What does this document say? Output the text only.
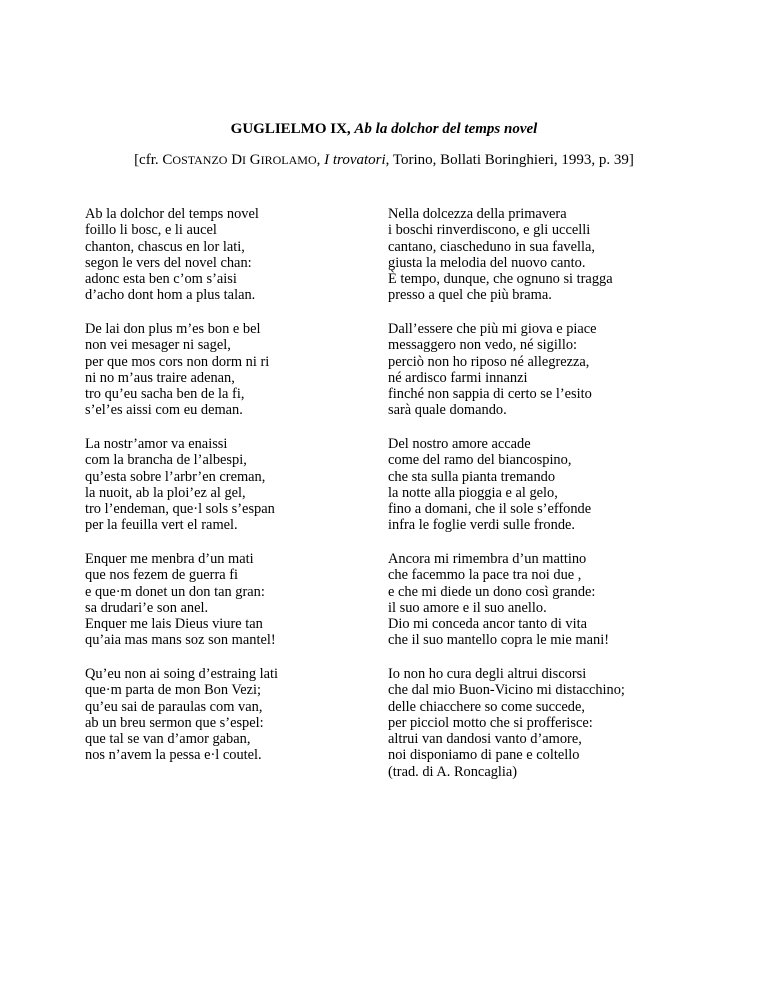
GUGLIELMO IX, Ab la dolchor del temps novel
[cfr. COSTANZO DI GIROLAMO, I trovatori, Torino, Bollati Boringhieri, 1993, p. 39]
Ab la dolchor del temps novel
foillo li bosc, e li aucel
chanton, chascus en lor lati,
segon le vers del novel chan:
adonc esta ben c’om s’aisi
d’acho dont hom a plus talan.
De lai don plus m’es bon e bel
non vei mesager ni sagel,
per que mos cors non dorm ni ri
ni no m’aus traire adenan,
tro qu’eu sacha ben de la fi,
s’el’es aissi com eu deman.
La nostr’amor va enaissi
com la brancha de l’albespi,
qu’esta sobre l’arbr’en creman,
la nuoit, ab la ploi’ez al gel,
tro l’endeman, que·l sols s’espan
per la feuilla vert el ramel.
Enquer me menbra d’un mati
que nos fezem de guerra fi
e que·m donet un don tan gran:
sa drudari’e son anel.
Enquer me lais Dieus viure tan
qu’aia mas mans soz son mantel!
Qu’eu non ai soing d’estraing lati
que·m parta de mon Bon Vezi;
qu’eu sai de paraulas com van,
ab un breu sermon que s’espel:
que tal se van d’amor gaban,
nos n’avem la pessa e·l coutel.
Nella dolcezza della primavera
i boschi rinverdiscono, e gli uccelli
cantano, ciascheduno in sua favella,
giusta la melodia del nuovo canto.
È tempo, dunque, che ognuno si tragga
presso a quel che più brama.
Dall’essere che più mi giova e piace
messaggero non vedo, né sigillo:
perciò non ho riposo né allegrezza,
né ardisco farmi innanzi
finché non sappia di certo se l’esito
sarà quale domando.
Del nostro amore accade
come del ramo del biancospino,
che sta sulla pianta tremando
la notte alla pioggia e al gelo,
fino a domani, che il sole s’effonde
infra le foglie verdi sulle fronde.
Ancora mi rimembra d’un mattino
che facemmo la pace tra noi due ,
e che mi diede un dono così grande:
il suo amore e il suo anello.
Dio mi conceda ancor tanto di vita
che il suo mantello copra le mie mani!
Io non ho cura degli altrui discorsi
che dal mio Buon-Vicino mi distacchino;
delle chiacchere so come succede,
per picciol motto che si profferisce:
altrui van dandosi vanto d’amore,
noi disponiamo di pane e coltello
(trad. di A. Roncaglia)
